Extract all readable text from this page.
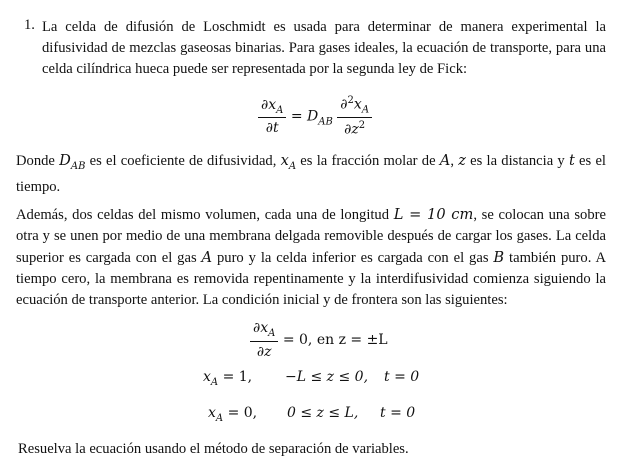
1. La celda de difusión de Loschmidt es usada para determinar de manera experimental la difusividad de mezclas gaseosas binarias. Para gases ideales, la ecuación de transporte, para una celda cilíndrica hueca puede ser representada por la segunda ley de Fick:
$\frac{\partial x_A}{\partial t} = D_{AB} \frac{\partial^2x_A}{\partial z^2}$
Donde $D_{AB}$ es el coeficiente de difusividad, $x_A$ es la fracción molar de A, z es la distancia y t es el tiempo.
Además, dos celdas del mismo volumen, cada una de longitud L = 10 cm, se colocan una sobre otra y se unen por medio de una membrana delgada removible después de cargar los gases. La celda superior es cargada con el gas A puro y la celda inferior es cargada con el gas B también puro. A tiempo cero, la membrana es removida repentinamente y la interdifusividad comienza siguiendo la ecuación de transporte anterior. La condición inicial y de frontera son las siguientes:
$\frac{\partial x_A}{\partial z} = 0$, en z = ±L
$x_A = 1$, −L ≤ z ≤ 0, t = 0
$x_A = 0$, 0 ≤ z ≤ L, t = 0
Resuelva la ecuación usando el método de separación de variables.
